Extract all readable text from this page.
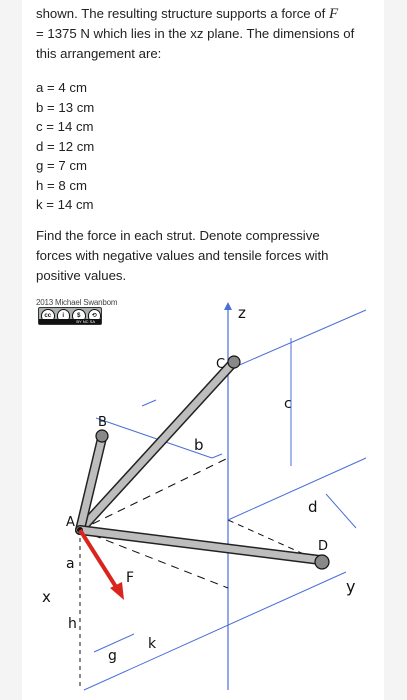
shown. The resulting structure supports a force of F
= 1375 N which lies in the xz plane. The dimensions of
this arrangement are:
a = 4 cm
b = 13 cm
c = 14 cm
d = 12 cm
g = 7 cm
h = 8 cm
k = 14 cm
Find the force in each strut. Denote compressive
forces with negative values and tensile forces with
positive values.
z
C
c
B
b
A
d
D
y
a
F
x
h
g
k
2013 Michael Swanbom
cc	i	$	⟲
BY NC SA
